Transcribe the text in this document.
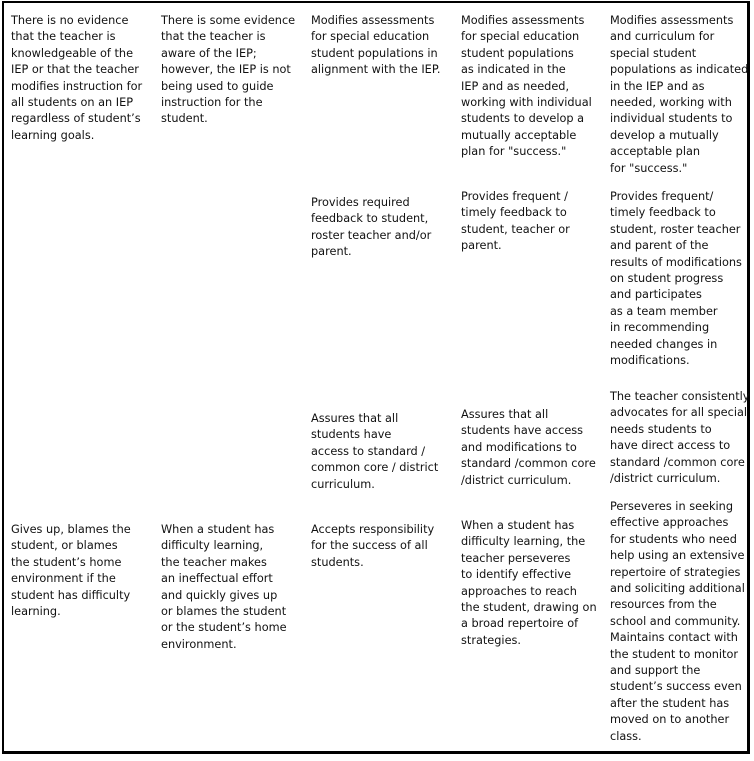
There is no evidence
that the teacher is
knowledgeable of the
IEP or that the teacher
modifies instruction for
all students on an IEP
regardless of student’s
learning goals.

There is some evidence
that the teacher is
aware of the IEP;
however, the IEP is not
being used to guide
instruction for the
student.

Modifies assessments
for special education
student populations in
alignment with the IEP.

Modifies assessments
for special education
student populations
as indicated in the
IEP and as needed,
working with individual
students to develop a
mutually acceptable
plan for "success."

Modifies assessments
and curriculum for
special student
populations as indicated
in the IEP and as
needed, working with
individual students to
develop a mutually
acceptable plan
for "success."

Provides required
feedback to student,
roster teacher and/or
parent.

Provides frequent /
timely feedback to
student, teacher or
parent.

Provides frequent/
timely feedback to
student, roster teacher
and parent of the
results of modifications
on student progress
and participates
as a team member
in recommending
needed changes in
modifications.

Assures that all
students have
access to standard /
common core / district
curriculum.

Assures that all
students have access
and modifications to
standard /common core
/district curriculum.

The teacher consistently
advocates for all special
needs students to
have direct access to
standard /common core
/district curriculum.

Gives up, blames the
student, or blames
the student’s home
environment if the
student has difficulty
learning.

When a student has
difficulty learning,
the teacher makes
an ineffectual effort
and quickly gives up
or blames the student
or the student’s home
environment.

Accepts responsibility
for the success of all
students.

When a student has
difficulty learning, the
teacher perseveres
to identify effective
approaches to reach
the student, drawing on
a broad repertoire of
strategies.

Perseveres in seeking
effective approaches
for students who need
help using an extensive
repertoire of strategies
and soliciting additional
resources from the
school and community.
Maintains contact with
the student to monitor
and support the
student’s success even
after the student has
moved on to another
class.
